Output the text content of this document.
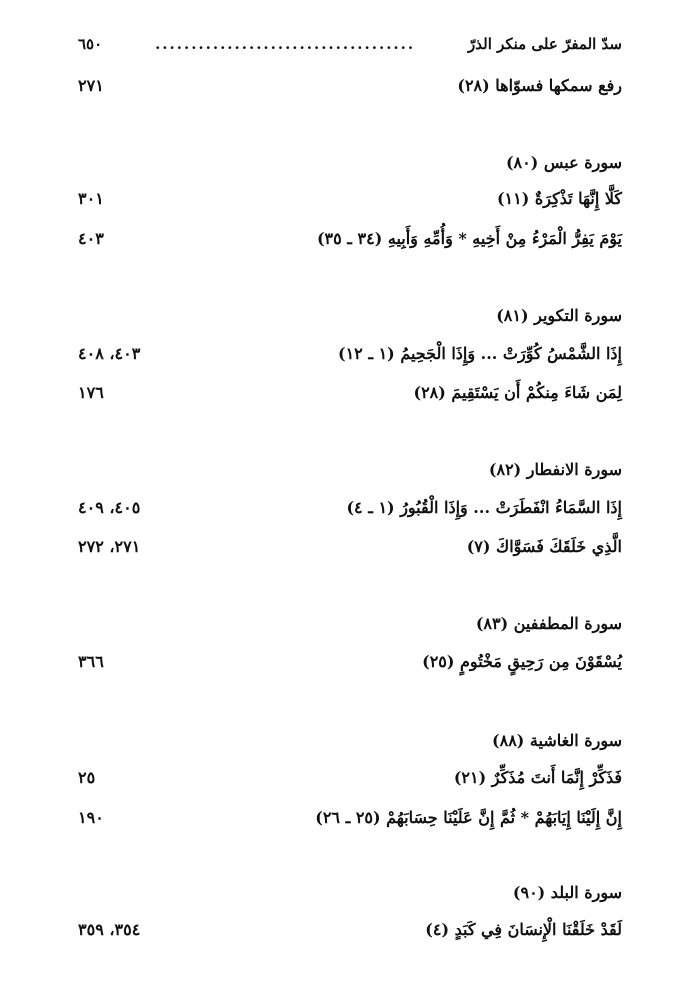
سدّ المفرّ على منكر الذرّ
....................................
٦٥٠
رفع سمكها فسوّاها (٢٨)
٢٧١
سورة عبس (٨٠)
كَلَّا إِنَّهَا تَذْكِرَةٌ (١١)
٣٠١
يَوْمَ يَفِرُّ الْمَرْءُ مِنْ أَخِيهِ * وَأُمِّهِ وَأَبِيهِ (٣٤ ـ ٣٥)
٤٠٣
سورة التكوير (٨١)
إِذَا الشَّمْسُ كُوِّرَتْ ... وَإِذَا الْجَحِيمُ (١ ـ ١٢)
٤٠٣، ٤٠٨
لِمَن شَاءَ مِنكُمْ أَن يَسْتَقِيمَ (٢٨)
١٧٦
سورة الانفطار (٨٢)
إِذَا السَّمَاءُ انْفَطَرَتْ ... وَإِذَا الْقُبُورُ (١ ـ ٤)
٤٠٥، ٤٠٩
الَّذِي خَلَقَكَ فَسَوَّاكَ (٧)
٢٧١، ٢٧٢
سورة المطففين (٨٣)
يُسْقَوْنَ مِن رَحِيقٍ مَخْتُومٍ (٢٥)
٣٦٦
سورة الغاشية (٨٨)
فَذَكِّرْ إِنَّمَا أَنتَ مُذَكِّرٌ (٢١)
٢٥
إِنَّ إِلَيْنَا إِيَابَهُمْ * ثُمَّ إِنَّ عَلَيْنَا حِسَابَهُمْ (٢٥ ـ ٢٦)
١٩٠
سورة البلد (٩٠)
لَقَدْ خَلَقْنَا الْإِنسَانَ فِي كَبَدٍ (٤)
٣٥٤، ٣٥٩
